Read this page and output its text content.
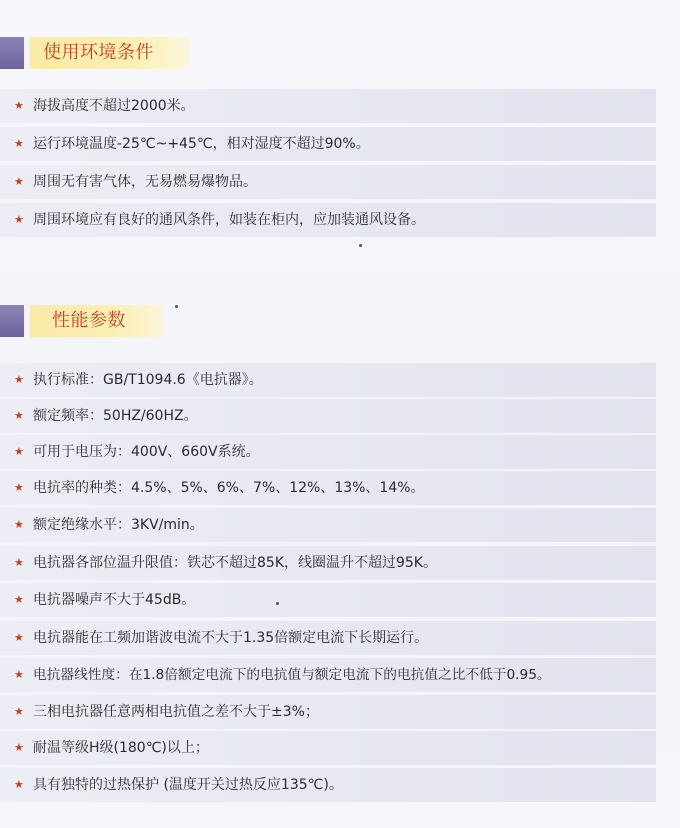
使用环境条件
★ 海拔高度不超过2000米。
★ 运行环境温度-25℃~+45℃，相对湿度不超过90%。
★ 周围无有害气体，无易燃易爆物品。
★ 周围环境应有良好的通风条件，如装在柜内，应加装通风设备。
性能参数
★ 执行标准：GB/T1094.6《电抗器》。
★ 额定频率：50HZ/60HZ。
★ 可用于电压为：400V、660V系统。
★ 电抗率的种类：4.5%、5%、6%、7%、12%、13%、14%。
★ 额定绝缘水平：3KV/min。
★ 电抗器各部位温升限值：铁芯不超过85K，线圈温升不超过95K。
★ 电抗器噪声不大于45dB。
★ 电抗器能在工频加谐波电流不大于1.35倍额定电流下长期运行。
★ 电抗器线性度：在1.8倍额定电流下的电抗值与额定电流下的电抗值之比不低于0.95。
★ 三相电抗器任意两相电抗值之差不大于±3%；
★ 耐温等级H级(180℃)以上；
★ 具有独特的过热保护 (温度开关过热反应135℃)。
